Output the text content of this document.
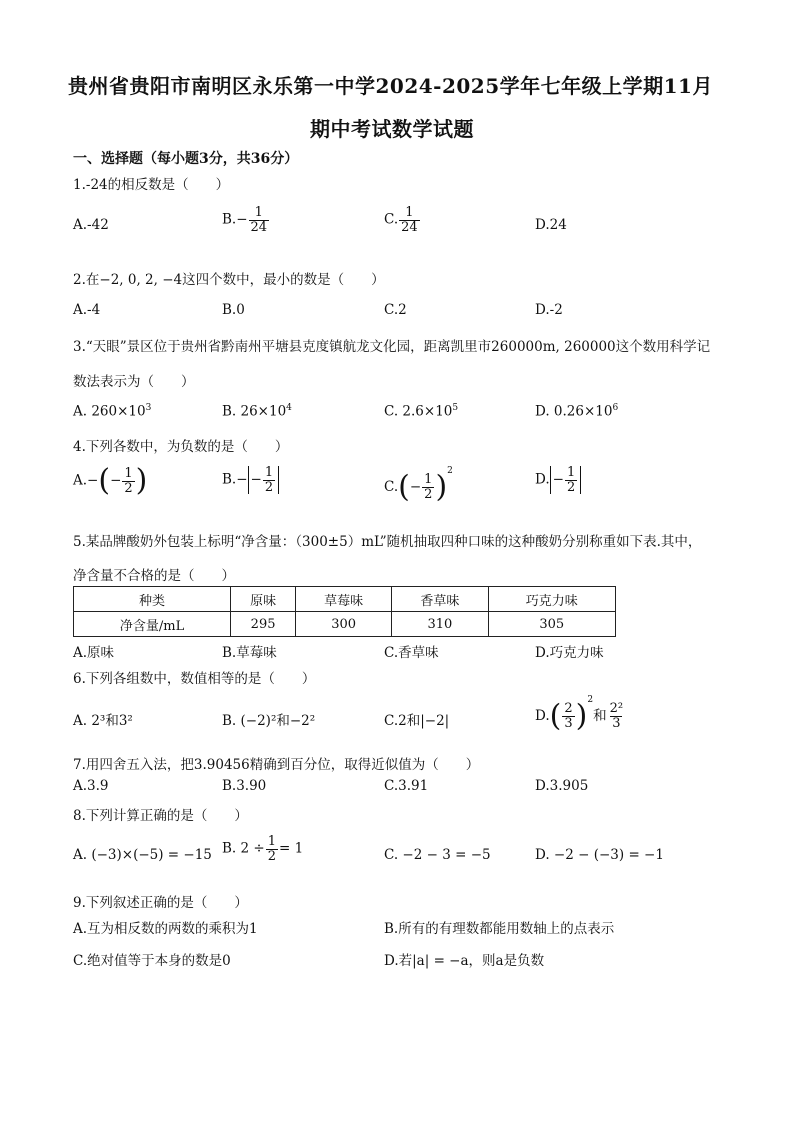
贵州省贵阳市南明区永乐第一中学2024-2025学年七年级上学期11月
期中考试数学试题
一、选择题（每小题3分，共36分）
1.-24的相反数是（　　）
A.-42	$B.- \frac{1}{24}$	C. $\frac{1}{24}$	D.24
2.在−2, 0, 2, −4这四个数中，最小的数是（　　）
A.-4	B.0	C.2	D.-2
3.“天眼”景区位于贵州省黔南州平塘县克度镇航龙文化园，距离凯里市260000m, 260000这个数用科学记
数法表示为（　　）
A. $260\times 10^3$	B. $26\times 10^4$	C. $2.6\times 10^5$	D. $0.26\times 10^6$
4.下列各数中，为负数的是（　　）
$A.-(- \frac{1}{2}$ )	$B.- - \frac{1}{2}$	$C.(- \frac{1}{2} )^2$
D. − $\frac{1}{2}$
5.某品牌酸奶外包装上标明“净含量：（300±5）mL”随机抽取四种口味的这种酸奶分别称重如下表.其中，
净含量不合格的是（　　）
种类	原味	草莓味	香草味	巧克力味
净含量/mL	295	300	310	305
A.原味	B.草莓味	C.香草味	D.巧克力味
6.下列各组数中，数值相等的是（　　）
A. 2³和3²	B. (−2)²和−2²	C.2和|−2|	$D.( \frac{2}{3} )^2$和 $\frac{\text{2²}}{3}$
7.用四舍五入法，把3.90456精确到百分位，取得近似值为（　　）
A.3.9	B.3.90	C.3.91	D.3.905
8.下列计算正确的是（　　）
A. (−3)×(−5) = −15 B. $2 \div \frac{1}{2} = 1$	C. −2 − 3 = −5	D. −2 − (−3) = −1
9.下列叙述正确的是（　　）
A.互为相反数的两数的乘积为1	B.所有的有理数都能用数轴上的点表示
C.绝对值等于本身的数是0	D.若|a| = −a，则a是负数
